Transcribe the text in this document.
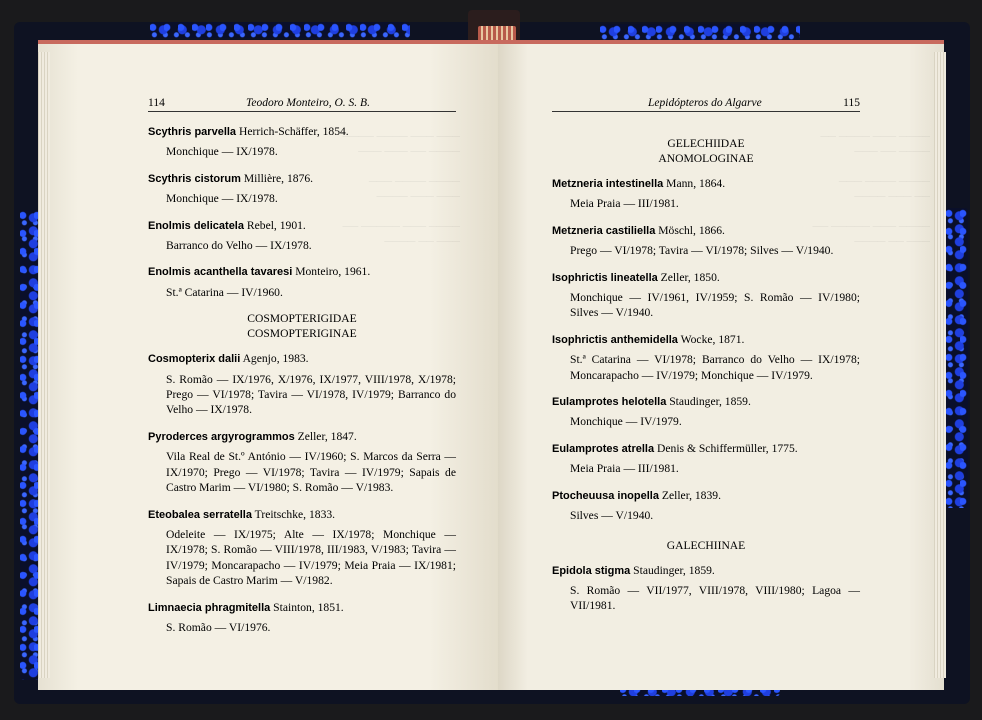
─── ─── ──── ────
──── ── ─── ───

──── ──── ───
─── ─── ────

──── ─── ───── ──
─── ── ────
──── ─── ──── ──
──── ── ───

──── ──── ───
── ─── ────

──── ─── ───── ──
─── ── ────
114	Teodoro Monteiro, O. S. B.

Scythris parvella Herrich-Schäffer, 1854.

Monchique — IX/1978.

Scythris cistorum Millière, 1876.

Monchique — IX/1978.

Enolmis delicatela Rebel, 1901.

Barranco do Velho — IX/1978.

Enolmis acanthella tavaresi Monteiro, 1961.

St.ª Catarina — IV/1960.
COSMOPTERIGIDAE
COSMOPTERIGINAE

Cosmopterix dalii Agenjo, 1983.

S. Romão — IX/1976, X/1976, IX/1977, VIII/1978, X/1978; Prego — VI/1978; Tavira — VI/1978, IV/1979; Barranco do Velho — IX/1978.

Pyroderces argyrogrammos Zeller, 1847.

Vila Real de St.º António — IV/1960; S. Marcos da Serra — IX/1970; Prego — VI/1978; Tavira — IV/1979; Sapais de Castro Marim — VI/1980; S. Romão — V/1983.

Eteobalea serratella Treitschke, 1833.

Odeleite — IX/1975; Alte — IX/1978; Monchique — IX/1978; S. Romão — VIII/1978, III/1983, V/1983; Tavira — IV/1979; Moncarapacho — IV/1979; Meia Praia — IX/1981; Sapais de Castro Marim — V/1982.

Limnaecia phragmitella Stainton, 1851.

S. Romão — VI/1976.
Lepidópteros do Algarve	115
GELECHIIDAE
ANOMOLOGINAE

Metzneria intestinella Mann, 1864.

Meia Praia — III/1981.

Metzneria castiliella Möschl, 1866.

Prego — VI/1978; Tavira — VI/1978; Silves — V/1940.

Isophrictis lineatella Zeller, 1850.

Monchique — IV/1961, IV/1959; S. Romão — IV/1980; Silves — V/1940.

Isophrictis anthemidella Wocke, 1871.

St.ª Catarina — VI/1978; Barranco do Velho — IX/1978; Moncarapacho — IV/1979; Monchique — IV/1979.

Eulamprotes helotella Staudinger, 1859.

Monchique — IV/1979.

Eulamprotes atrella Denis & Schiffermüller, 1775.

Meia Praia — III/1981.

Ptocheuusa inopella Zeller, 1839.

Silves — V/1940.
GALECHIINAE

Epidola stigma Staudinger, 1859.

S. Romão — VII/1977, VIII/1978, VIII/1980; Lagoa — VII/1981.
